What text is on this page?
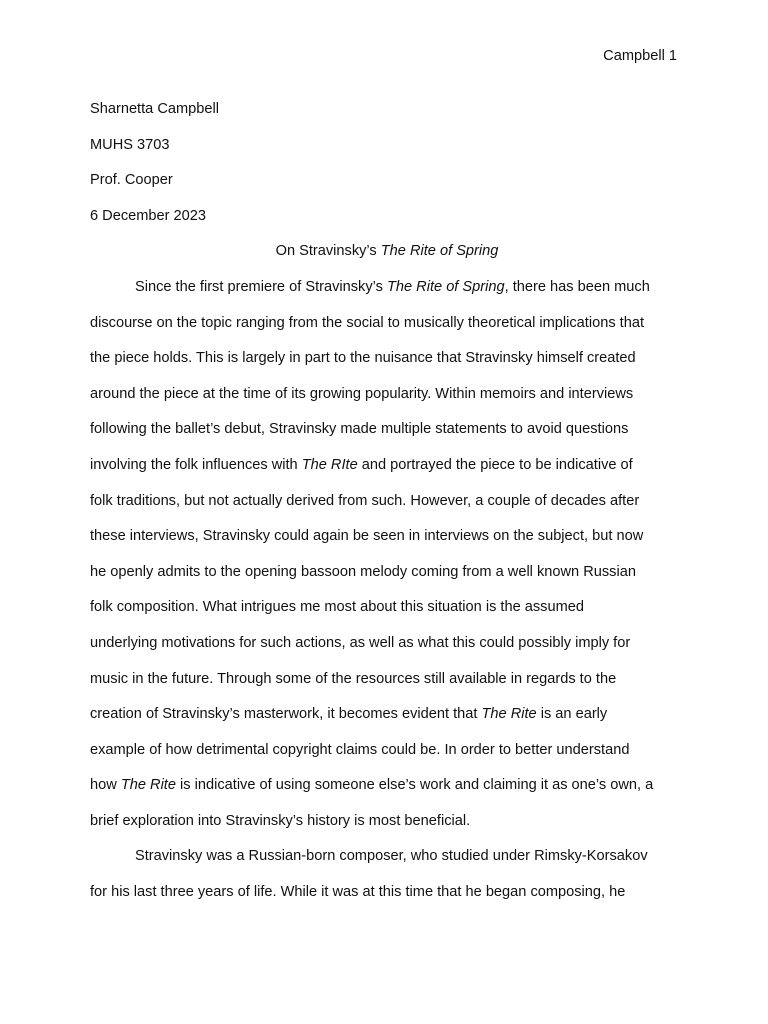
Campbell 1
Sharnetta Campbell
MUHS 3703
Prof. Cooper
6 December 2023
On Stravinsky’s The Rite of Spring
Since the first premiere of Stravinsky’s The Rite of Spring, there has been much
discourse on the topic ranging from the social to musically theoretical implications that
the piece holds. This is largely in part to the nuisance that Stravinsky himself created
around the piece at the time of its growing popularity. Within memoirs and interviews
following the ballet’s debut, Stravinsky made multiple statements to avoid questions
involving the folk influences with The RIte and portrayed the piece to be indicative of
folk traditions, but not actually derived from such. However, a couple of decades after
these interviews, Stravinsky could again be seen in interviews on the subject, but now
he openly admits to the opening bassoon melody coming from a well known Russian
folk composition. What intrigues me most about this situation is the assumed
underlying motivations for such actions, as well as what this could possibly imply for
music in the future. Through some of the resources still available in regards to the
creation of Stravinsky’s masterwork, it becomes evident that The Rite is an early
example of how detrimental copyright claims could be. In order to better understand
how The Rite is indicative of using someone else’s work and claiming it as one’s own, a
brief exploration into Stravinsky’s history is most beneficial.
Stravinsky was a Russian-born composer, who studied under Rimsky-Korsakov
for his last three years of life. While it was at this time that he began composing, he
